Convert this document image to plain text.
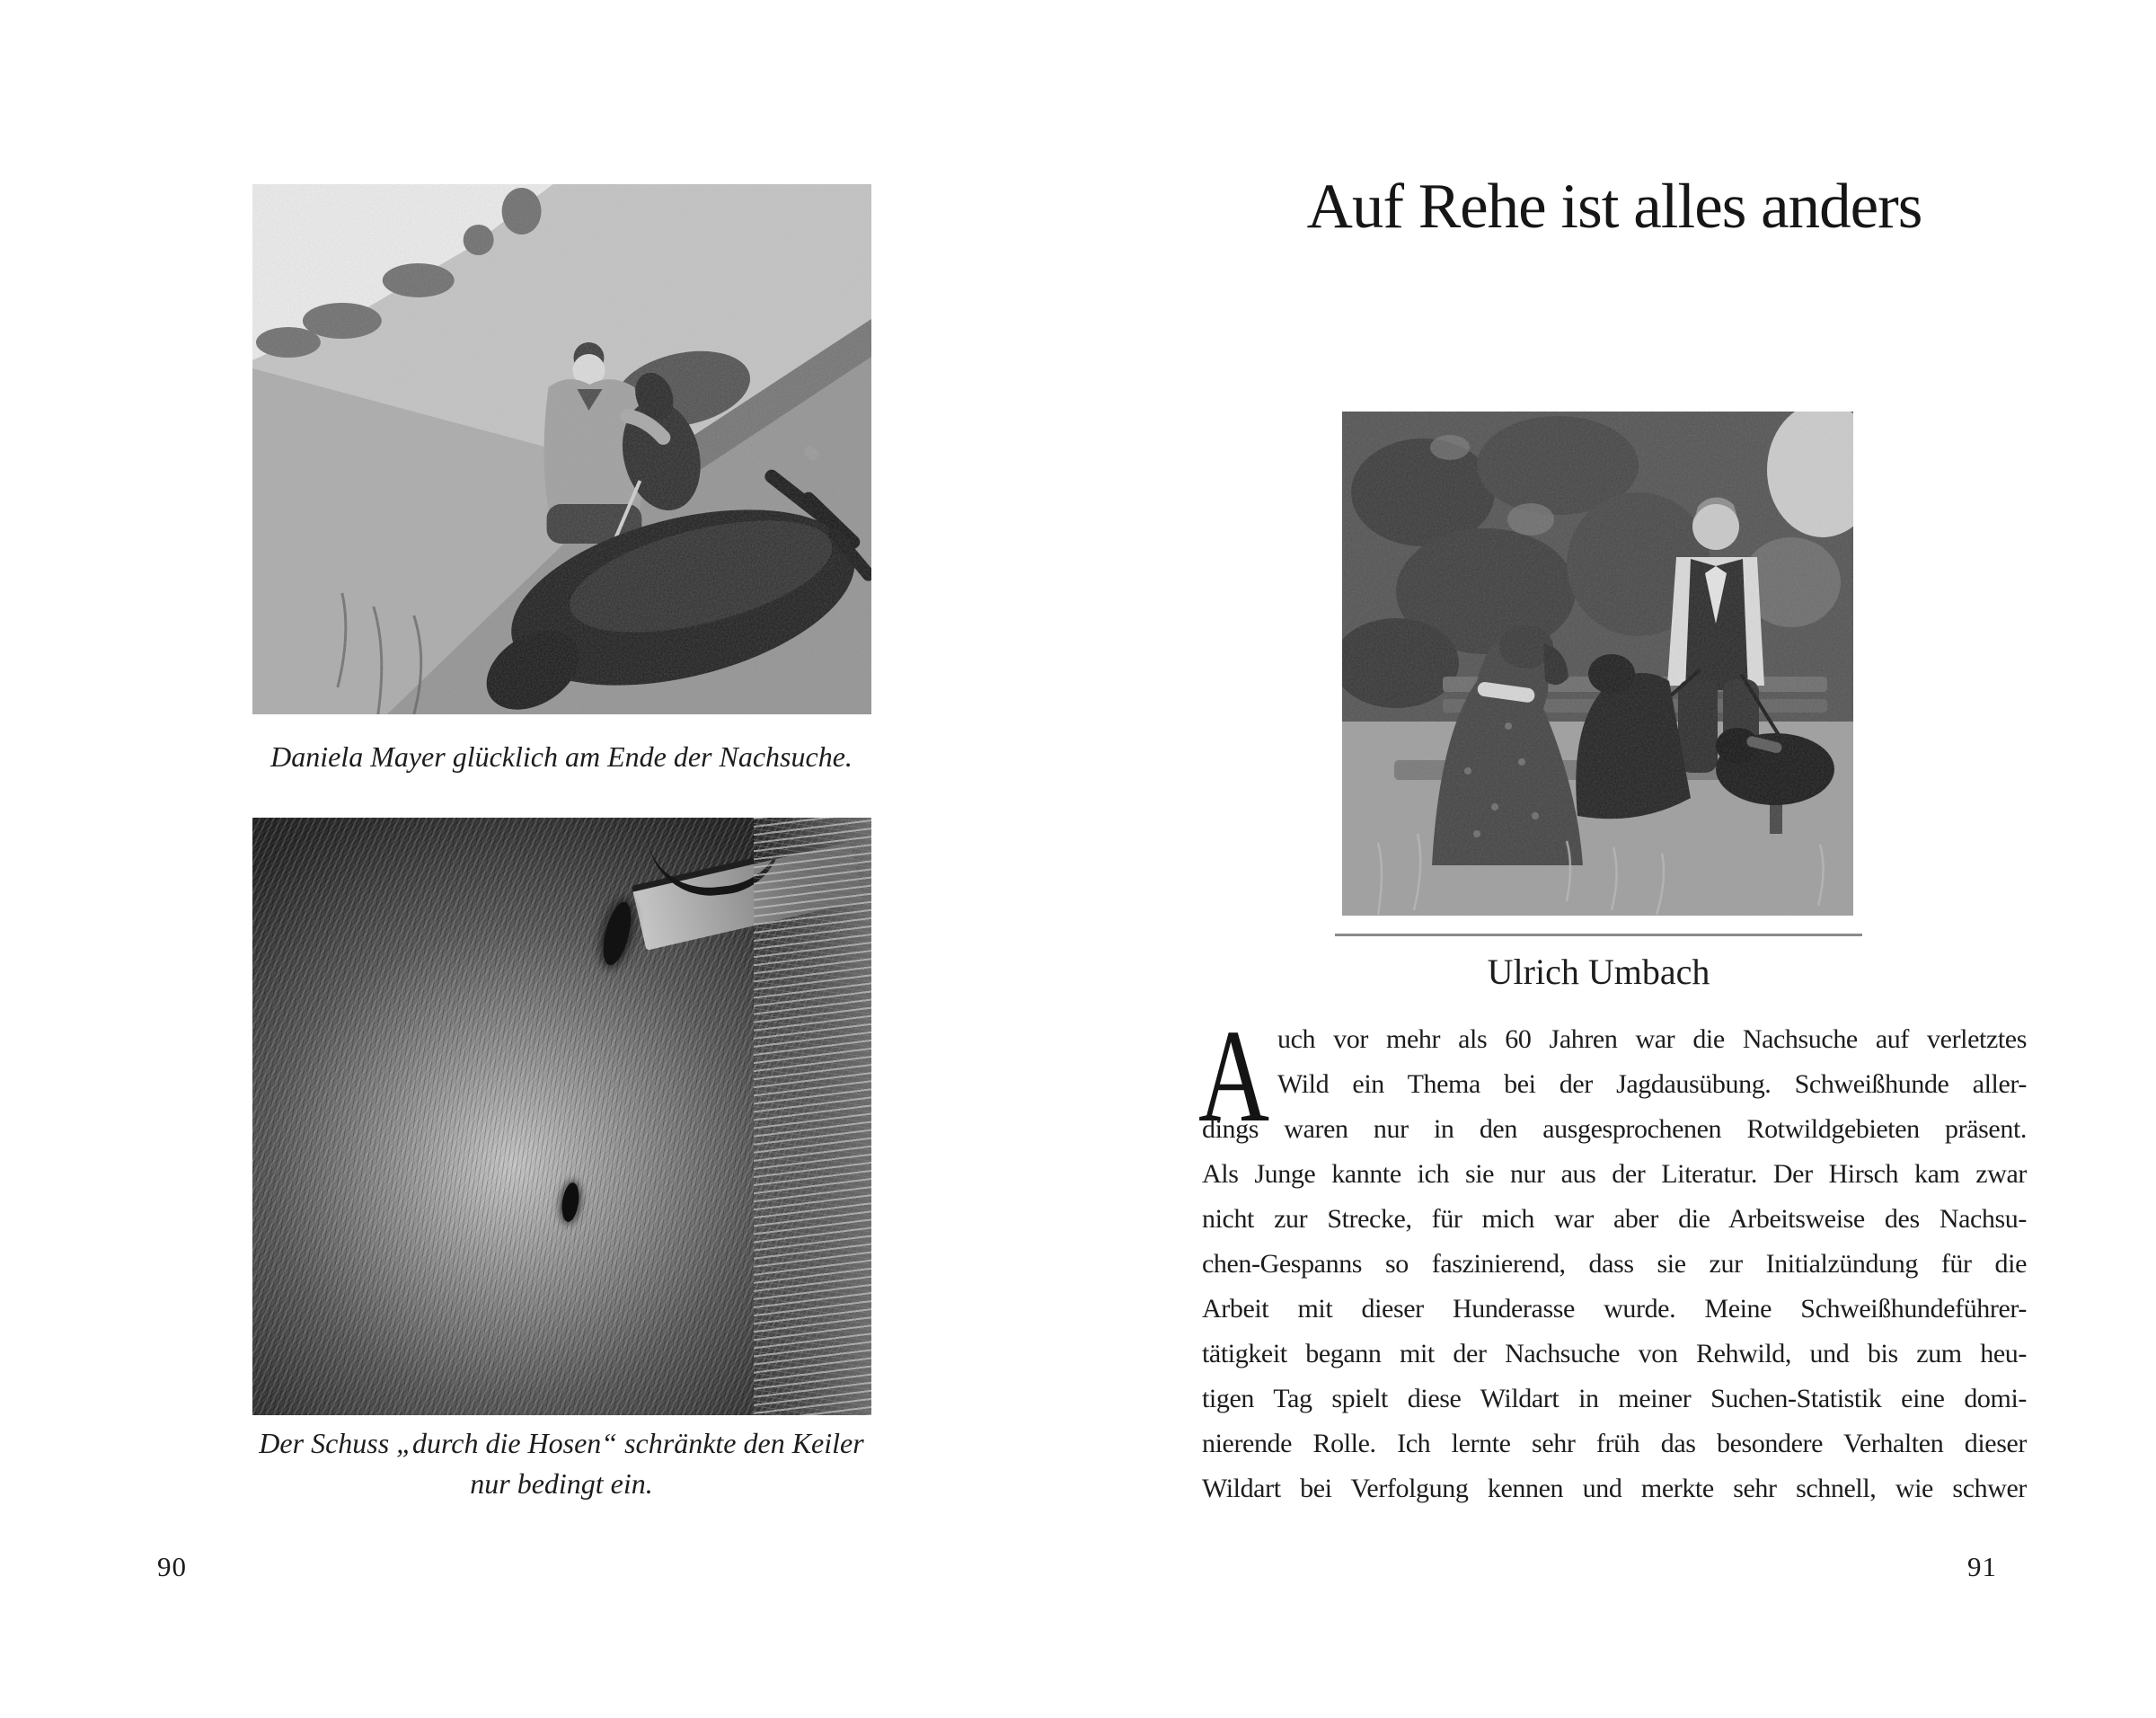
Daniela Mayer glücklich am Ende der Nachsuche.
Der Schuss „durch die Hosen“ schränkte den Keiler
nur bedingt ein.
90
Auf Rehe ist alles anders
Ulrich Umbach
A uch vor mehr als 60 Jahren war die Nachsuche auf verletztes
Wild ein Thema bei der Jagdausübung. Schweißhunde aller-
dings waren nur in den ausgesprochenen Rotwildgebieten präsent.
Als Junge kannte ich sie nur aus der Literatur. Der Hirsch kam zwar
nicht zur Strecke, für mich war aber die Arbeitsweise des Nachsu-
chen-Gespanns so faszinierend, dass sie zur Initialzündung für die
Arbeit mit dieser Hunderasse wurde. Meine Schweißhundeführer-
tätigkeit begann mit der Nachsuche von Rehwild, und bis zum heu-
tigen Tag spielt diese Wildart in meiner Suchen-Statistik eine domi-
nierende Rolle. Ich lernte sehr früh das besondere Verhalten dieser
Wildart bei Verfolgung kennen und merkte sehr schnell, wie schwer
91
